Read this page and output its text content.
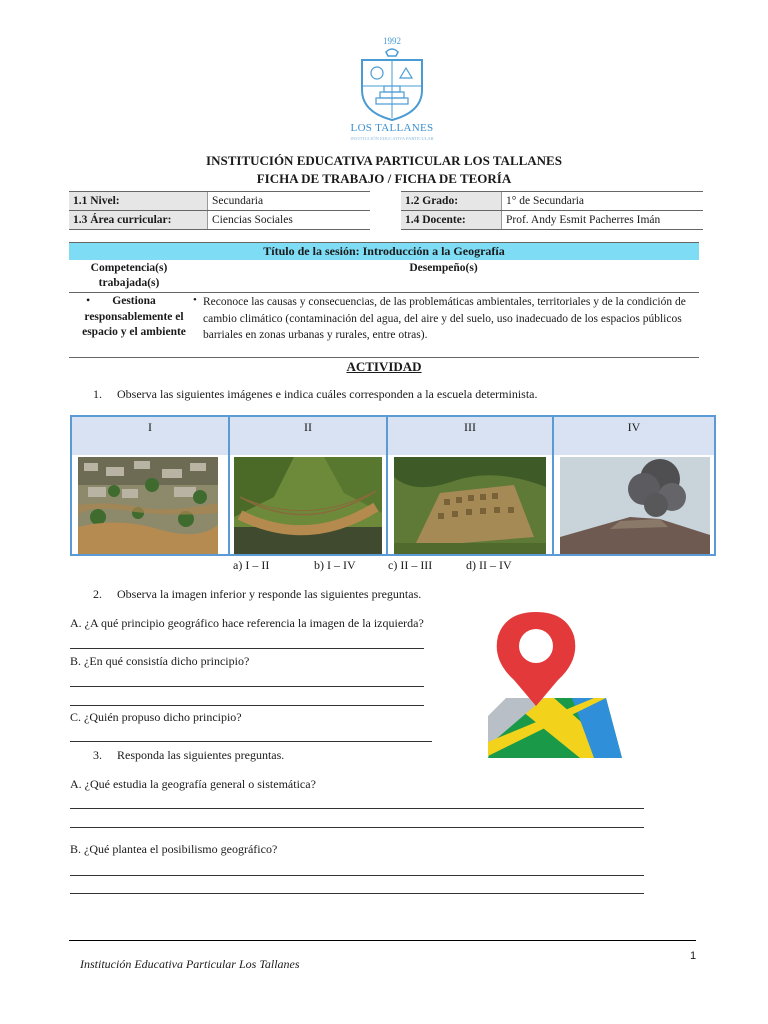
1992
LOS TALLANES
INSTITUCIÓN EDUCATIVA PARTICULAR
INSTITUCIÓN EDUCATIVA PARTICULAR LOS TALLANES
FICHA DE TRABAJO / FICHA DE TEORÍA
1.1 Nivel:	Secundaria
1.3 Área curricular:	Ciencias Sociales
1.2 Grado:	1° de Secundaria
1.4 Docente:	Prof. Andy Esmit Pacherres Imán
Título de la sesión: Introducción a la Geografía
Competencia(s) trabajada(s)
Desempeño(s)
•	Gestiona responsablemente el espacio y el ambiente
• Reconoce las causas y consecuencias, de las problemáticas ambientales, territoriales y de la condición de cambio climático (contaminación del agua, del aire y del suelo, uso inadecuado de los espacios públicos barriales en zonas urbanas y rurales, entre otras).
ACTIVIDAD
1. Observa las siguientes imágenes e indica cuáles corresponden a la escuela determinista.
I	II	III	IV
a) I – II	b) I – IV	c) II – III	d) II – IV
2. Observa la imagen inferior y responde las siguientes preguntas.
A. ¿A qué principio geográfico hace referencia la imagen de la izquierda?
B. ¿En qué consistía dicho principio?
C. ¿Quién propuso dicho principio?
3. Responda las siguientes preguntas.
A. ¿Qué estudia la geografía general o sistemática?
B. ¿Qué plantea el posibilismo geográfico?
Institución Educativa Particular Los Tallanes
1
